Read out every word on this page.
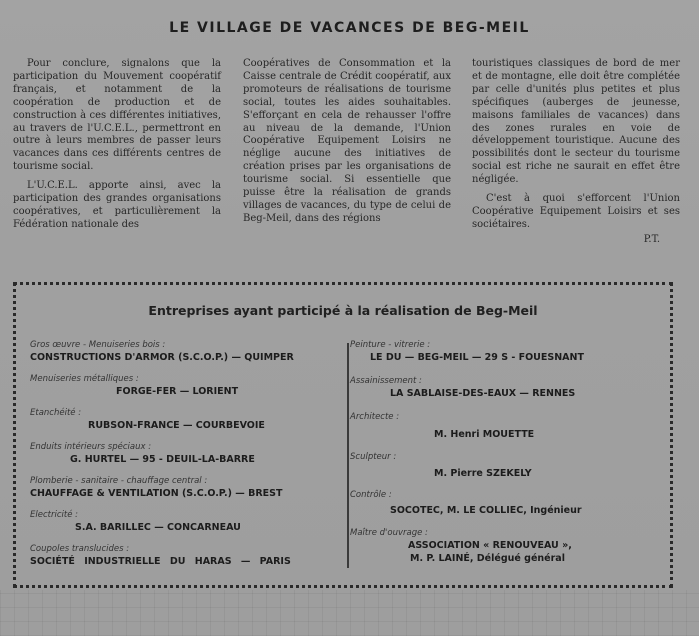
LE VILLAGE DE VACANCES DE BEG-MEIL

Pour conclure, signalons que la participation du Mouvement coopératif français, et notamment de la coopération de production et de construction à ces différentes initiatives, au travers de l'U.C.E.L., permettront en outre à leurs membres de passer leurs vacances dans ces différents centres de tourisme social.

L'U.C.E.L. apporte ainsi, avec la participation des grandes organisations coopératives, et particulièrement la Fédération nationale des

Coopératives de Consommation et la Caisse centrale de Crédit coopératif, aux promoteurs de réalisations de tourisme social, toutes les aides souhaitables. S'efforçant en cela de rehausser l'offre au niveau de la demande, l'Union Coopérative Equipement Loisirs ne néglige aucune des initiatives de création prises par les organisations de tourisme social. Si essentielle que puisse être la réalisation de grands villages de vacances, du type de celui de Beg-Meil, dans des régions

touristiques classiques de bord de mer et de montagne, elle doit être complétée par celle d'unités plus petites et plus spécifiques (auberges de jeunesse, maisons familiales de vacances) dans des zones rurales en voie de développement touristique. Aucune des possibilités dont le secteur du tourisme social est riche ne saurait en effet être négligée.

C'est à quoi s'efforcent l'Union Coopérative Equipement Loisirs et ses sociétaires.

P.T.
Entreprises ayant participé à la réalisation de Beg-Meil
Gros œuvre - Menuiseries bois :
CONSTRUCTIONS D'ARMOR (S.C.O.P.) — QUIMPER
Menuiseries métalliques :
FORGE-FER — LORIENT
Etanchéité :
RUBSON-FRANCE — COURBEVOIE
Enduits intérieurs spéciaux :
G. HURTEL — 95 - DEUIL-LA-BARRE
Plomberie - sanitaire - chauffage central :
CHAUFFAGE & VENTILATION (S.C.O.P.) — BREST
Electricité :
S.A. BARILLEC — CONCARNEAU
Coupoles translucides :
SOCIÉTÉ INDUSTRIELLE DU HARAS — PARIS
Peinture - vitrerie :
LE DU — BEG-MEIL — 29 S - FOUESNANT
Assainissement :
LA SABLAISE-DES-EAUX — RENNES
Architecte :
M. Henri MOUETTE
Sculpteur :
M. Pierre SZEKELY
Contrôle :
SOCOTEC, M. LE COLLIEC, Ingénieur
Maître d'ouvrage :
ASSOCIATION « RENOUVEAU »,
M. P. LAINÉ, Délégué général
